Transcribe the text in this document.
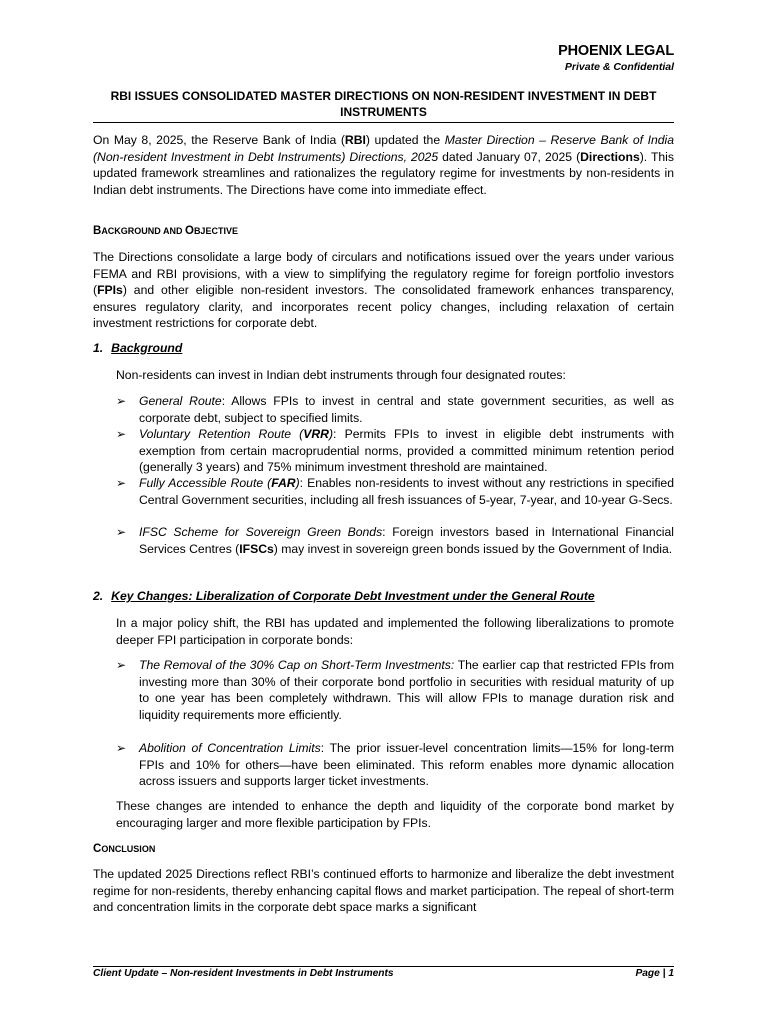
PHOENIX LEGAL
Private & Confidential
RBI ISSUES CONSOLIDATED MASTER DIRECTIONS ON NON-RESIDENT INVESTMENT IN DEBT INSTRUMENTS
On May 8, 2025, the Reserve Bank of India (RBI) updated the Master Direction – Reserve Bank of India (Non-resident Investment in Debt Instruments) Directions, 2025 dated January 07, 2025 (Directions). This updated framework streamlines and rationalizes the regulatory regime for investments by non-residents in Indian debt instruments. The Directions have come into immediate effect.
BACKGROUND AND OBJECTIVE
The Directions consolidate a large body of circulars and notifications issued over the years under various FEMA and RBI provisions, with a view to simplifying the regulatory regime for foreign portfolio investors (FPIs) and other eligible non-resident investors. The consolidated framework enhances transparency, ensures regulatory clarity, and incorporates recent policy changes, including relaxation of certain investment restrictions for corporate debt.
1. Background
Non-residents can invest in Indian debt instruments through four designated routes:
➢	General Route: Allows FPIs to invest in central and state government securities, as well as corporate debt, subject to specified limits.
➢	Voluntary Retention Route (VRR): Permits FPIs to invest in eligible debt instruments with exemption from certain macroprudential norms, provided a committed minimum retention period (generally 3 years) and 75% minimum investment threshold are maintained.
➢	Fully Accessible Route (FAR): Enables non-residents to invest without any restrictions in specified Central Government securities, including all fresh issuances of 5-year, 7-year, and 10-year G-Secs.
➢	IFSC Scheme for Sovereign Green Bonds: Foreign investors based in International Financial Services Centres (IFSCs) may invest in sovereign green bonds issued by the Government of India.
2. Key Changes: Liberalization of Corporate Debt Investment under the General Route
In a major policy shift, the RBI has updated and implemented the following liberalizations to promote deeper FPI participation in corporate bonds:
➢	The Removal of the 30% Cap on Short-Term Investments: The earlier cap that restricted FPIs from investing more than 30% of their corporate bond portfolio in securities with residual maturity of up to one year has been completely withdrawn. This will allow FPIs to manage duration risk and liquidity requirements more efficiently.
➢	Abolition of Concentration Limits: The prior issuer-level concentration limits—15% for long-term FPIs and 10% for others—have been eliminated. This reform enables more dynamic allocation across issuers and supports larger ticket investments.
These changes are intended to enhance the depth and liquidity of the corporate bond market by encouraging larger and more flexible participation by FPIs.
CONCLUSION
The updated 2025 Directions reflect RBI’s continued efforts to harmonize and liberalize the debt investment regime for non-residents, thereby enhancing capital flows and market participation. The repeal of short-term and concentration limits in the corporate debt space marks a significant
Client Update – Non-resident Investments in Debt Instruments	Page | 1
